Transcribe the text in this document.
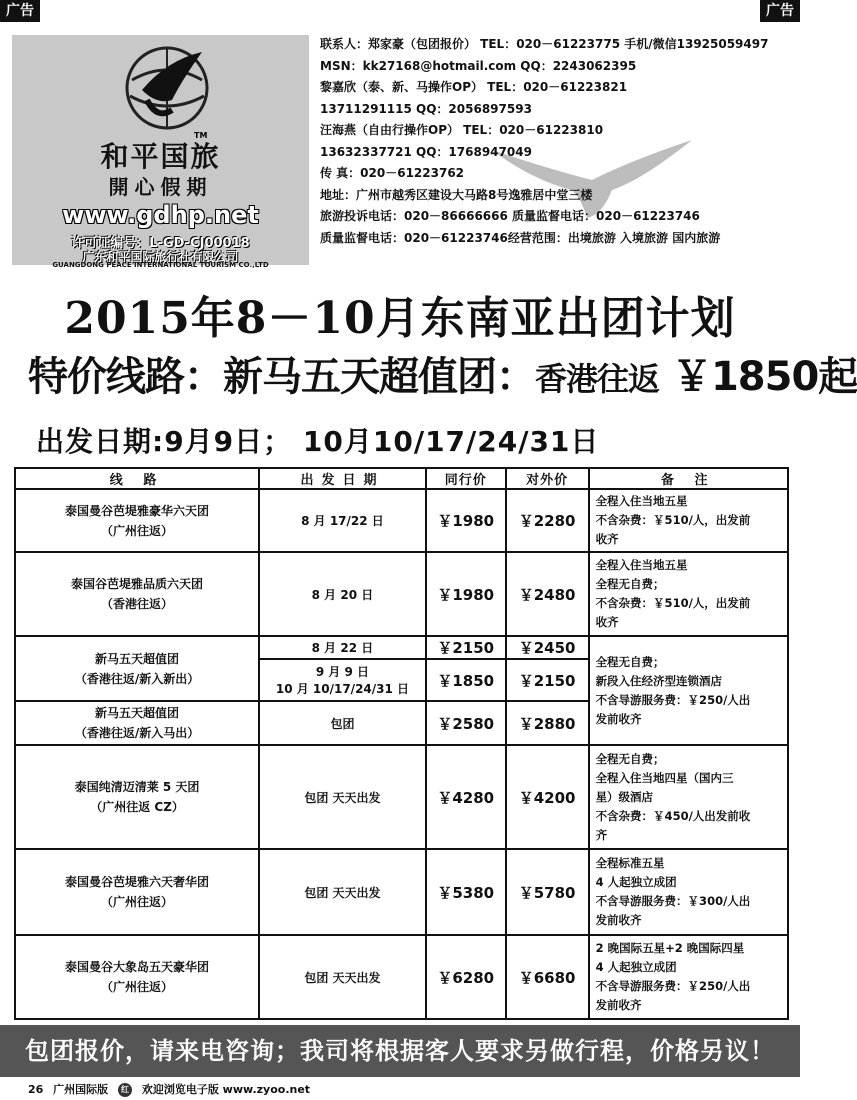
广告	广告
TM
和平国旅
開心假期
www.gdhp.net
许可证编号：L-GD-CJ00018
广东和平国际旅行社有限公司
GUANGDONG PEACE INTERNATIONAL TOURISM CO.,LTD
联系人：郑家豪（包团报价） TEL：020－61223775 手机/微信13925059497
MSN：kk27168@hotmail.com QQ：2243062395
黎嘉欣（泰、新、马操作OP） TEL：020－61223821
13711291115 QQ：2056897593
汪海燕（自由行操作OP） TEL：020－61223810
13632337721 QQ：1768947049
传 真：020－61223762
地址：广州市越秀区建设大马路8号逸雅居中堂三楼
旅游投诉电话：020－86666666 质量监督电话：020－61223746
质量监督电话：020－61223746经营范围：出境旅游 入境旅游 国内旅游
2015年8－10月东南亚出团计划
特价线路：新马五天超值团：香港往返 ￥1850起
出发日期:9月9日； 10月10/17/24/31日
线 路	出发日期	同行价	对外价	备 注

泰国曼谷芭堤雅豪华六天团
（广州往返）	8 月 17/22 日	￥1980	￥2280	全程入住当地五星
不含杂费：￥510/人，出发前
收齐

泰国谷芭堤雅品质六天团
（香港往返）	8 月 20 日	￥1980	￥2480	全程入住当地五星
全程无自费；
不含杂费：￥510/人，出发前
收齐

新马五天超值团
（香港往返/新入新出）	8 月 22 日	￥2150	￥2450	全程无自费；
新段入住经济型连锁酒店
不含导游服务费：￥250/人出
发前收齐

	9 月 9 日
10 月 10/17/24/31 日	￥1850	￥2150	

新马五天超值团
（香港往返/新入马出）	包团	￥2580	￥2880	

泰国纯清迈清莱 5 天团
（广州往返 CZ）	包团 天天出发	￥4280	￥4200	全程无自费；
全程入住当地四星（国内三
星）级酒店
不含杂费：￥450/人出发前收
齐

泰国曼谷芭堤雅六天奢华团
（广州往返）	包团 天天出发	￥5380	￥5780	全程标准五星
4 人起独立成团
不含导游服务费：￥300/人出
发前收齐

泰国曼谷大象岛五天豪华团
（广州往返）	包团 天天出发	￥6280	￥6680	2 晚国际五星+2 晚国际四星
4 人起独立成团
不含导游服务费：￥250/人出
发前收齐
包团报价，请来电咨询；我司将根据客人要求另做行程，价格另议！
26 广州国际版 红 欢迎浏览电子版 www.zyoo.net
